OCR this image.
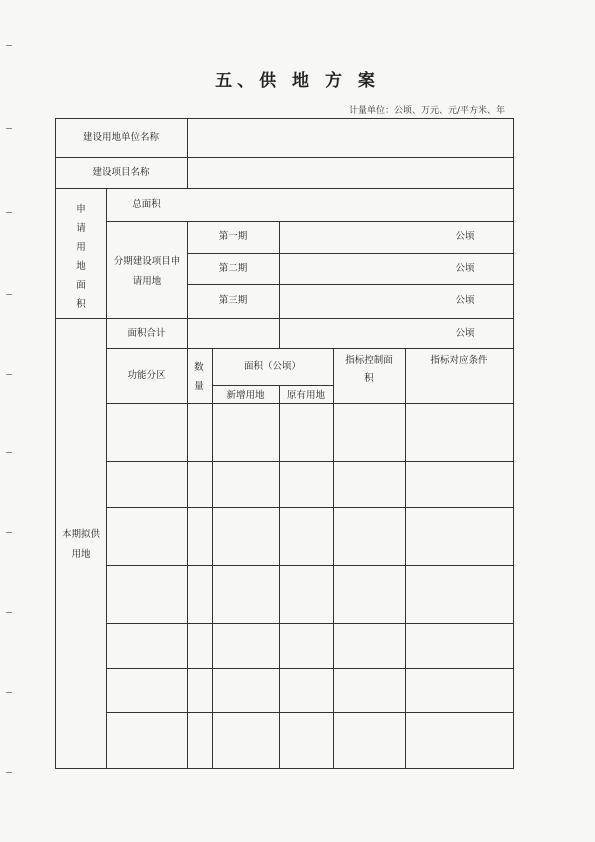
五、供 地 方 案
计量单位：公顷、万元、元/平方米、年
建设用地单位名称
建设项目名称
申请用地面积
总面积
分期建设项目申请用地
第一期
第二期
第三期
公顷
公顷
公顷
本期拟供用地
面积合计	公顷
功能分区
数量
面积（公顷）
新增用地	原有用地
指标控制面积
指标对应条件
